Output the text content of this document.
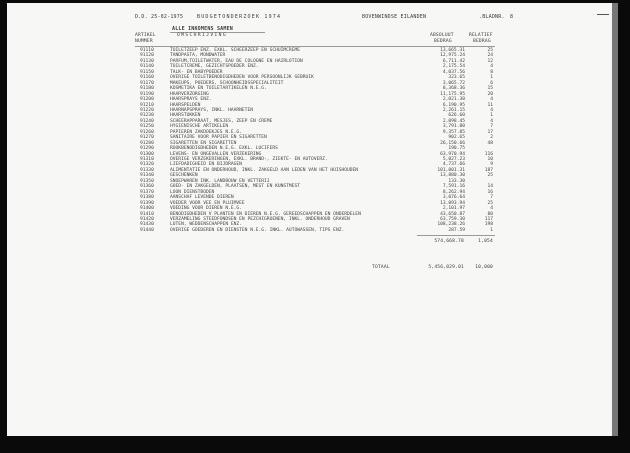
D.D. 25-02-1975	BUDGETONDERZOEK 1974	BOVENWINDSE EILANDEN	.BLADNR. 8
ALLE INKOMENS SAMEN
ARTIKEL
NUMMER
OMSCHRIJVING	ABSOLUUT
BEDRAG
RELATIEF
BEDRAG
91110	TOILETZEEP ENZ. EXKL. SCHEERZEEP EN SCHUIMCREME	13,665.31	25
91120	TANDPASTA, MONDWATER	12,975.24	24
91130	PARFUM,TOILETWATER, EAU DE COLOGNE EN HAIRLOTION	6,711.42	12
91140	TOILETCREME, GEZICHTSPOEDER ENZ.	2,175.54	4
91150	TALK- EN BABYPOEDER	4,037.56	8
91160	OVERIGE TOILETBENODIGDHEDEN VOOR PERSOONLIJK GEBRUIK	323.65	1
91170	MAKEUPS, POEDERS, SCHOONHEIDSSPECIALITEIT	3,065.72	6
91180	KOSMETIKA EN TOILETARTIKELEN N.E.G.	8,368.36	15
91190	HAARVERZORGING	11,175.95	20
91200	HAARSPRAYS ENZ.	2,021.30	4
91210	HAARSPELDEN	6,190.95	11
91220	HAARNAPSPRAYS, INKL. HAARNETEN	2,261.15	4
91230	HAARSTUKKEN	626.60	1
91240	SCHEERAPPARAAT, MESJES, ZEEP EN CREME	2,098.45	4
91250	HYGIENISCHE ARTIKELEN	3,791.80	7
91260	PAPIEREN ZAKDOEKJES N.E.G.	9,357.85	17
91270	SANITAIRE VOOR PAPIER EN SIGARETTEN	902.65	2
91280	SIGARETTEN EN SIGARETTEN	26,150.66	48
91290	ROOKBENODIGDHEDEN N.E.G. EXKL. LUCIFERS	190.75
91300	LEVENS- EN ONGEVALLEN VERZEKERING	63,970.94	116
91310	OVERIGE VERZEKERINGEN, EXKL. BRAND-, ZIEKTE- EN AUTOVERZ.	5,027.23	10
91320	LIEFDADIGHEID EN BIJDRAGEN	4,737.66	9
91330	ALIMENTATIE EN ONDERHOUD, INKL. ZAKGELD AAN LEDEN VAN HET HUISHOUDEN	101,001.31	187
91340	GESCHENKEN	13,880.30	25
91350	SNOEPWAREN INK. LANDBOUW EN VETTERIJ	133.30
91360	GOED- EN ZAKGELDEN, PLAATSEN, MEST EN KUNSTMEST	7,591.16	14
91370	LOON DIENSTBODEN	8,262.94	16
91380	AANSCHAF LEVENDE DIEREN	3,076.64	7
91390	VOEDER VOOR VEE EN PLUIMVEE	13,093.94	25
91400	VOEDING VOOR DIEREN N.E.G.	2,101.97	4
91410	BENODIGDHEDEN V PLANTEN EN DIEREN N.E.G. GEREEDSCHAPPEN EN ONDERDELEN	43,650.87	80
91420	VERZAMELING STEEDFONDSEN EN PEZCHIGROENEN, INKL. ONDERHOUD GRAVEN	63,759.30	117
91430	LOTEN, WEDDENSCHAPPEN ENZ.	108,238.26	198
91440	OVERIGE GOEDEREN EN DIENSTEN N.E.G. INKL. AUTOWASSEN, TIPS ENZ.	287.59	1
574,668.78	1,054
TOTAAL	5,456,029.01	10,000
